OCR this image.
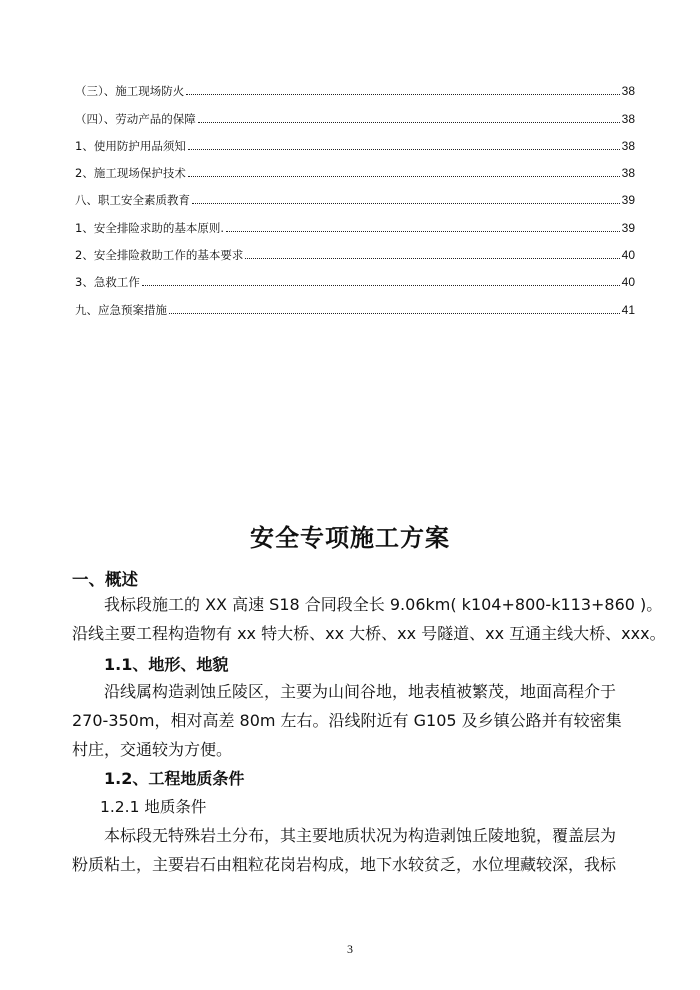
（三）、施工现场防火	38
（四）、劳动产品的保障	38
1、使用防护用品须知	38
2、施工现场保护技术	38
八、职工安全素质教育	39
1、安全排险求助的基本原则.	39
2、安全排险救助工作的基本要求	40
3、急救工作	40
九、应急预案措施	41
安全专项施工方案
一、概述
我标段施工的 XX 高速 S18 合同段全长 9.06km( k104+800-k113+860 )。
沿线主要工程构造物有 xx 特大桥、xx 大桥、xx 号隧道、xx 互通主线大桥、xxx。
1.1、地形、地貌
沿线属构造剥蚀丘陵区，主要为山间谷地，地表植被繁茂，地面高程介于
270-350m，相对高差 80m 左右。沿线附近有 G105 及乡镇公路并有较密集
村庄，交通较为方便。
1.2、工程地质条件
1.2.1 地质条件
本标段无特殊岩土分布，其主要地质状况为构造剥蚀丘陵地貌，覆盖层为
粉质粘土，主要岩石由粗粒花岗岩构成，地下水较贫乏，水位埋藏较深，我标
3
